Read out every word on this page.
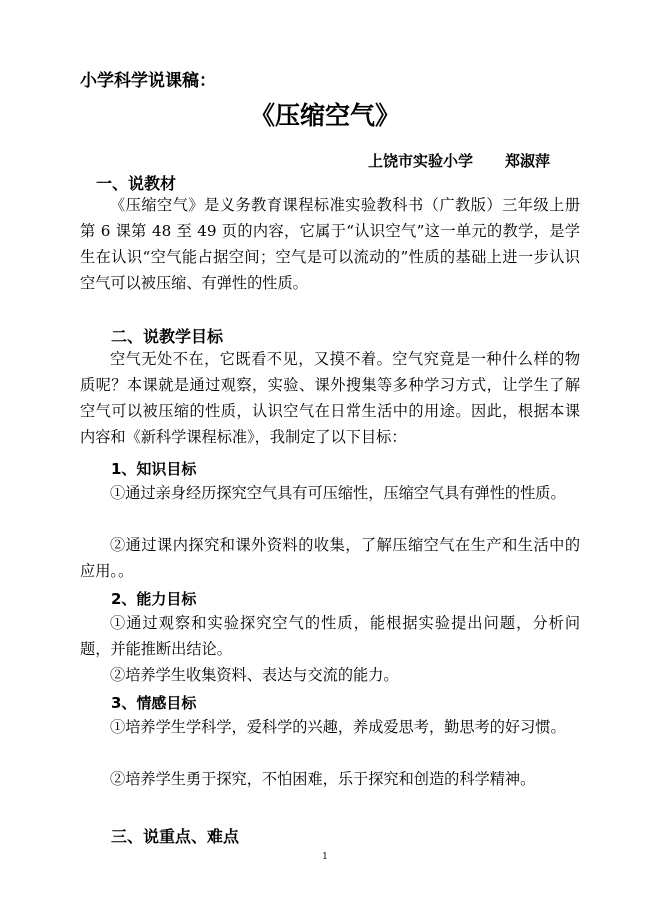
小学科学说课稿：
《压缩空气》
上饶市实验小学 郑淑萍
一、说教材

《压缩空气》是义务教育课程标准实验教科书（广教版）三年级上册第 6 课第 48 至 49 页的内容，它属于“认识空气”这一单元的教学，是学生在认识“空气能占据空间；空气是可以流动的”性质的基础上进一步认识空气可以被压缩、有弹性的性质。

二、说教学目标

空气无处不在，它既看不见，又摸不着。空气究竟是一种什么样的物质呢？本课就是通过观察，实验、课外搜集等多种学习方式，让学生了解空气可以被压缩的性质，认识空气在日常生活中的用途。因此，根据本课内容和《新科学课程标准》，我制定了以下目标：

1、知识目标

①通过亲身经历探究空气具有可压缩性，压缩空气具有弹性的性质。

②通过课内探究和课外资料的收集，了解压缩空气在生产和生活中的应用。。

2、能力目标

①通过观察和实验探究空气的性质，能根据实验提出问题，分析问题，并能推断出结论。

②培养学生收集资料、表达与交流的能力。

3、情感目标

①培养学生学科学，爱科学的兴趣，养成爱思考，勤思考的好习惯。

②培养学生勇于探究，不怕困难，乐于探究和创造的科学精神。

三、说重点、难点
1
